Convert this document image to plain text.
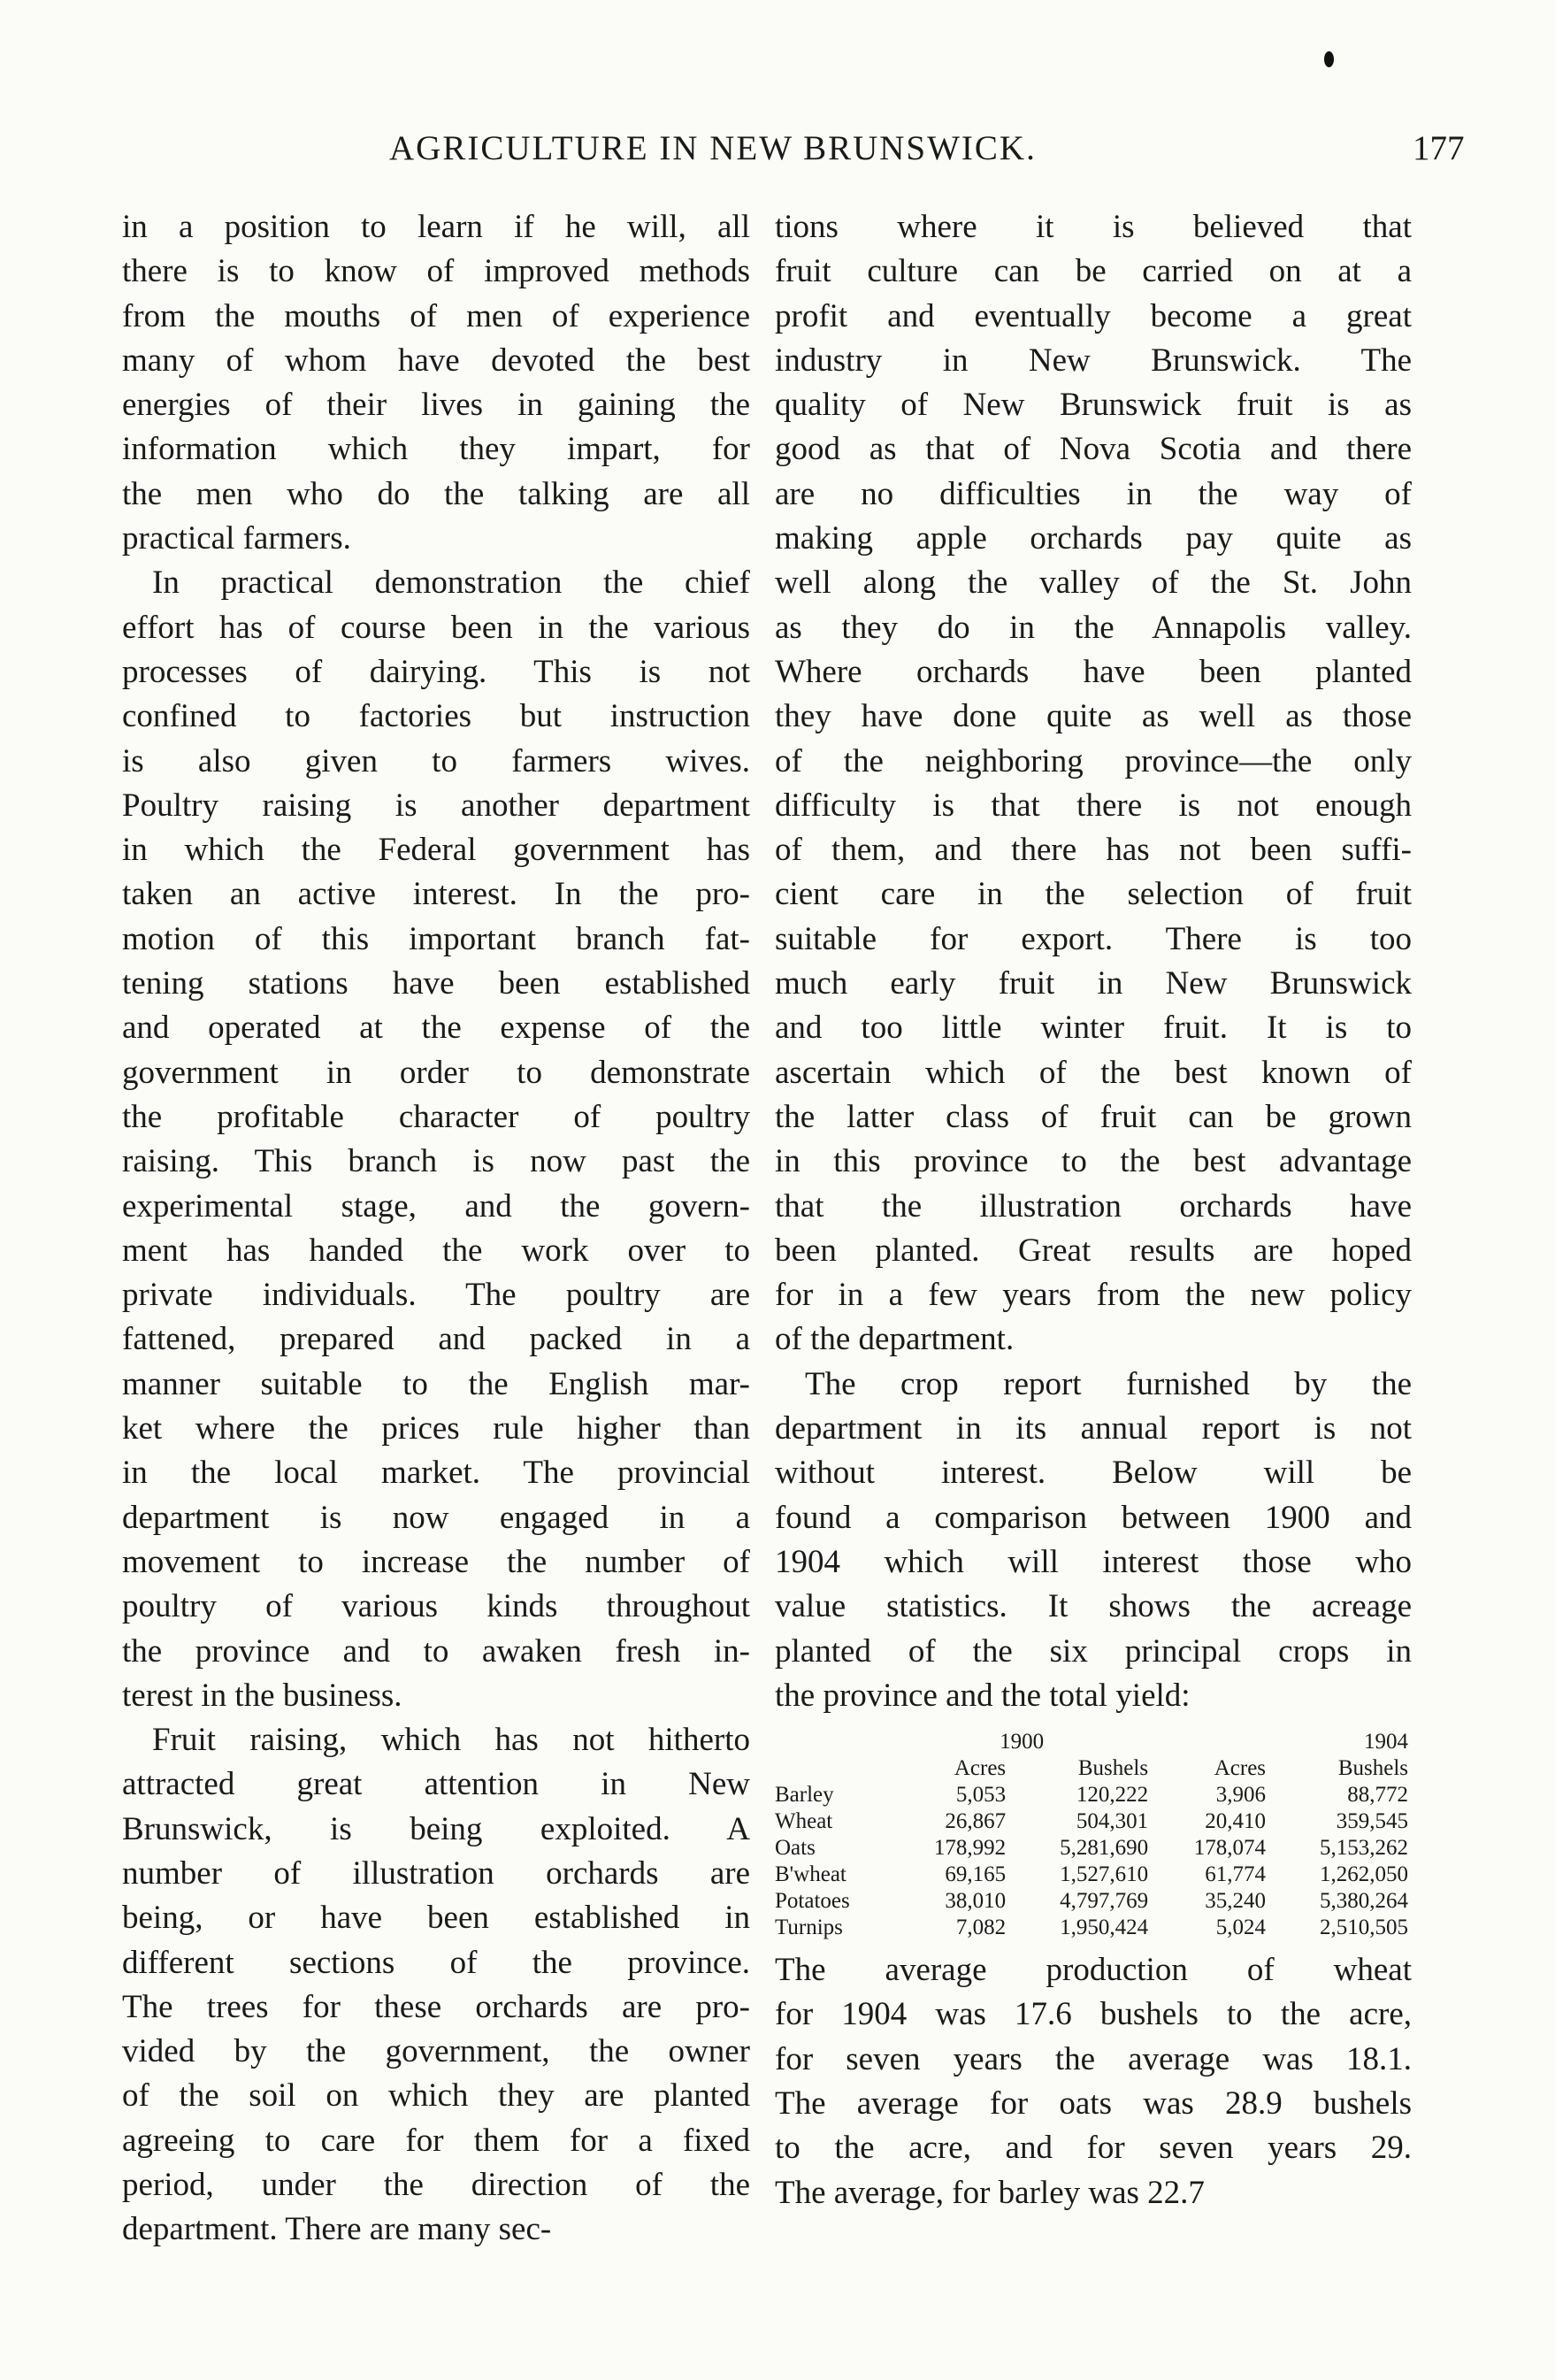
AGRICULTURE IN NEW BRUNSWICK.	177

in a position to learn if he will, all
there is to know of improved methods
from the mouths of men of experience
many of whom have devoted the best
energies of their lives in gaining the
information which they impart, for
the men who do the talking are all
practical farmers.

In practical demonstration the chief
effort has of course been in the various
processes of dairying. This is not
confined to factories but instruction
is also given to farmers wives.
Poultry raising is another department
in which the Federal government has
taken an active interest. In the pro-
motion of this important branch fat-
tening stations have been established
and operated at the expense of the
government in order to demonstrate
the profitable character of poultry
raising. This branch is now past the
experimental stage, and the govern-
ment has handed the work over to
private individuals. The poultry are
fattened, prepared and packed in a
manner suitable to the English mar-
ket where the prices rule higher than
in the local market. The provincial
department is now engaged in a
movement to increase the number of
poultry of various kinds throughout
the province and to awaken fresh in-
terest in the business.

Fruit raising, which has not hitherto
attracted great attention in New
Brunswick, is being exploited. A
number of illustration orchards are
being, or have been established in
different sections of the province.
The trees for these orchards are pro-
vided by the government, the owner
of the soil on which they are planted
agreeing to care for them for a fixed
period, under the direction of the
department. There are many sec-

tions where it is believed that
fruit culture can be carried on at a
profit and eventually become a great
industry in New Brunswick. The
quality of New Brunswick fruit is as
good as that of Nova Scotia and there
are no difficulties in the way of
making apple orchards pay quite as
well along the valley of the St. John
as they do in the Annapolis valley.
Where orchards have been planted
they have done quite as well as those
of the neighboring province—the only
difficulty is that there is not enough
of them, and there has not been suffi-
cient care in the selection of fruit
suitable for export. There is too
much early fruit in New Brunswick
and too little winter fruit. It is to
ascertain which of the best known of
the latter class of fruit can be grown
in this province to the best advantage
that the illustration orchards have
been planted. Great results are hoped
for in a few years from the new policy
of the department.

The crop report furnished by the
department in its annual report is not
without interest. Below will be
found a comparison between 1900 and
1904 which will interest those who
value statistics. It shows the acreage
planted of the six principal crops in
the province and the total yield:

	1900		1904	
	Acres	Bushels	Acres	Bushels
Barley	5,053	120,222	3,906	88,772
Wheat	26,867	504,301	20,410	359,545
Oats	178,992	5,281,690	178,074	5,153,262
B'wheat	69,165	1,527,610	61,774	1,262,050
Potatoes	38,010	4,797,769	35,240	5,380,264
Turnips	7,082	1,950,424	5,024	2,510,505

The average production of wheat
for 1904 was 17.6 bushels to the acre,
for seven years the average was 18.1.
The average for oats was 28.9 bushels
to the acre, and for seven years 29.
The average, for barley was 22.7
